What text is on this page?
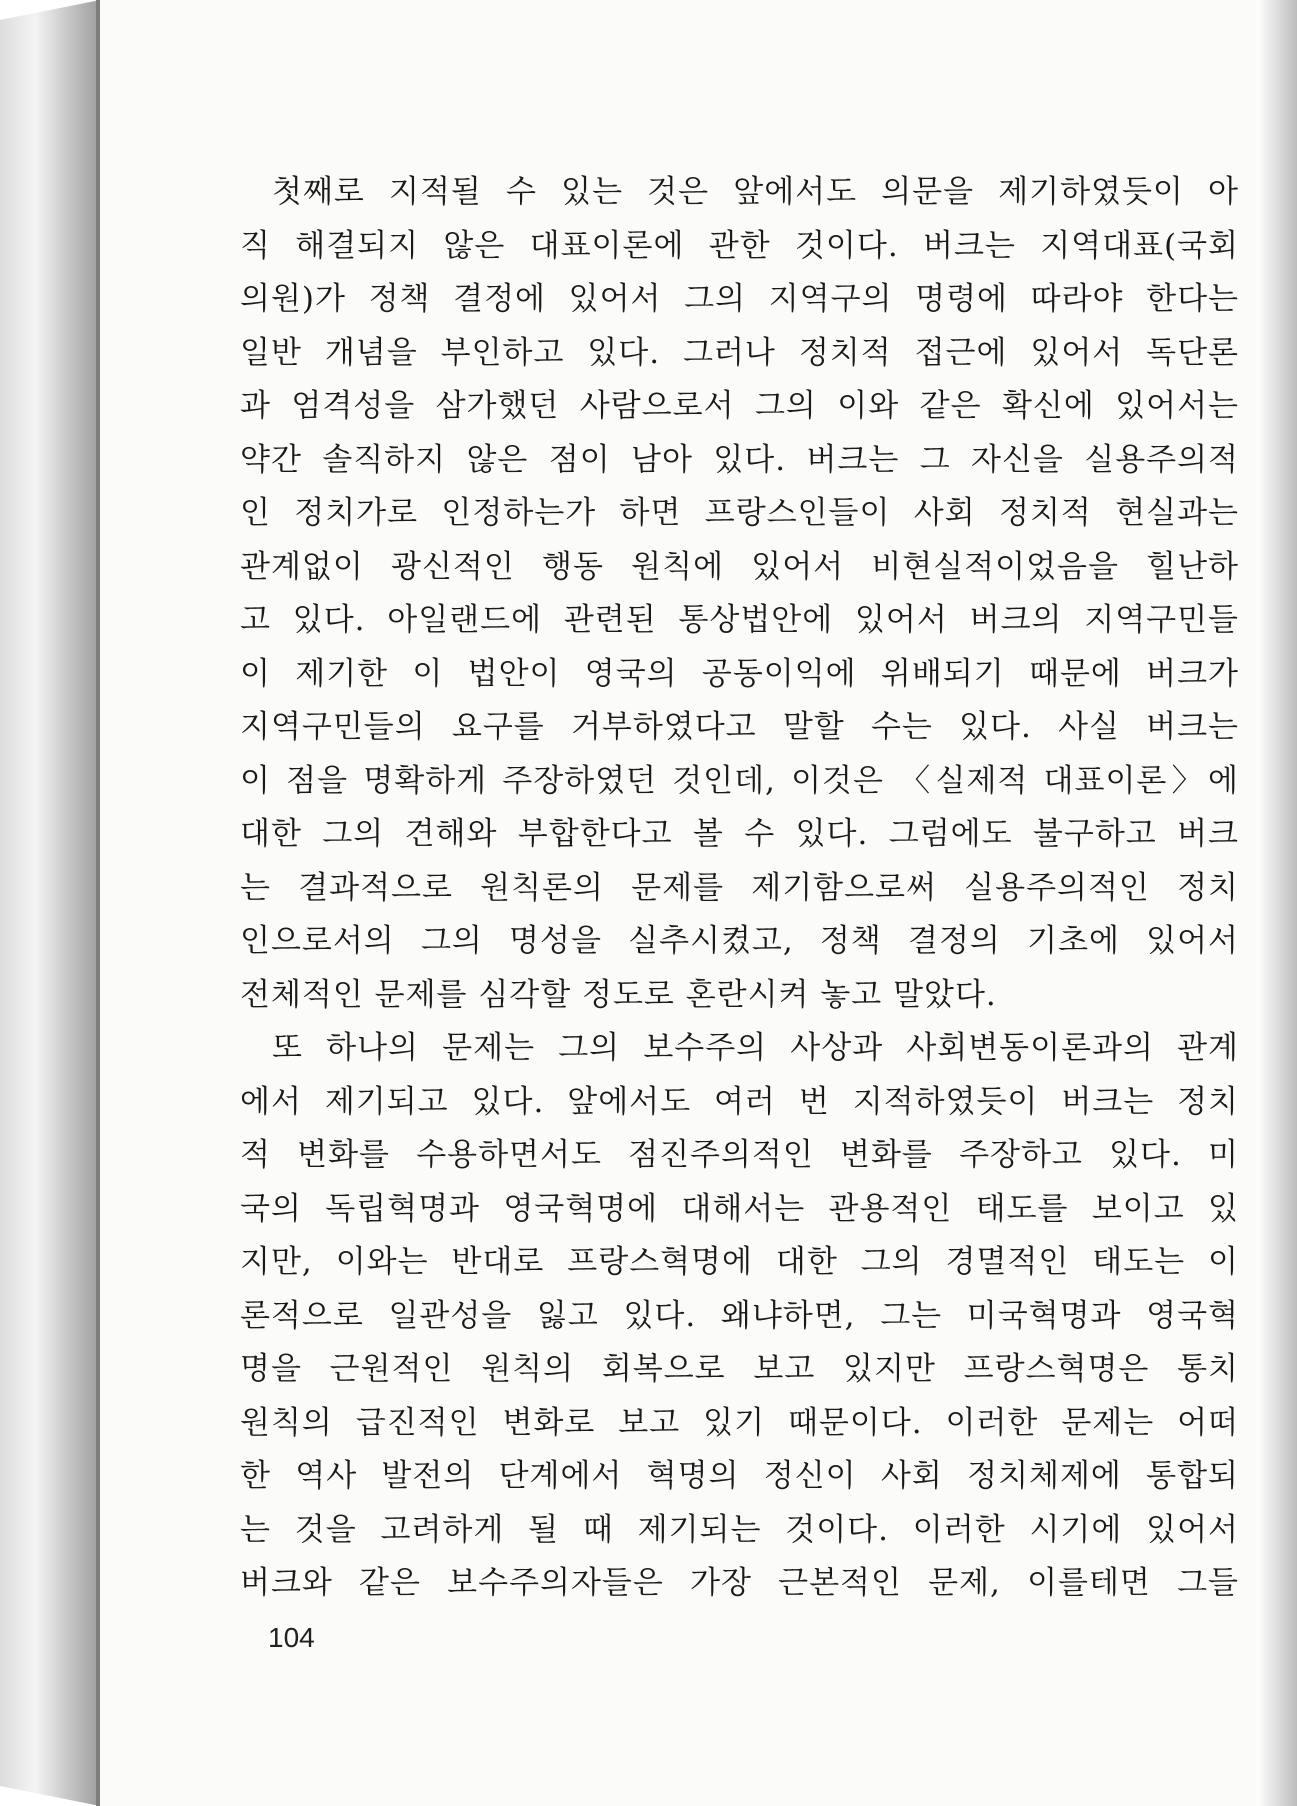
첫째로 지적될 수 있는 것은 앞에서도 의문을 제기하였듯이 아
직 해결되지 않은 대표이론에 관한 것이다. 버크는 지역대표(국회
의원)가 정책 결정에 있어서 그의 지역구의 명령에 따라야 한다는
일반 개념을 부인하고 있다. 그러나 정치적 접근에 있어서 독단론
과 엄격성을 삼가했던 사람으로서 그의 이와 같은 확신에 있어서는
약간 솔직하지 않은 점이 남아 있다. 버크는 그 자신을 실용주의적
인 정치가로 인정하는가 하면 프랑스인들이 사회 정치적 현실과는
관계없이 광신적인 행동 원칙에 있어서 비현실적이었음을 힐난하
고 있다. 아일랜드에 관련된 통상법안에 있어서 버크의 지역구민들
이 제기한 이 법안이 영국의 공동이익에 위배되기 때문에 버크가
지역구민들의 요구를 거부하였다고 말할 수는 있다. 사실 버크는
이 점을 명확하게 주장하였던 것인데, 이것은 〈실제적 대표이론〉에
대한 그의 견해와 부합한다고 볼 수 있다. 그럼에도 불구하고 버크
는 결과적으로 원칙론의 문제를 제기함으로써 실용주의적인 정치
인으로서의 그의 명성을 실추시켰고, 정책 결정의 기초에 있어서
전체적인 문제를 심각할 정도로 혼란시켜 놓고 말았다.
또 하나의 문제는 그의 보수주의 사상과 사회변동이론과의 관계
에서 제기되고 있다. 앞에서도 여러 번 지적하였듯이 버크는 정치
적 변화를 수용하면서도 점진주의적인 변화를 주장하고 있다. 미
국의 독립혁명과 영국혁명에 대해서는 관용적인 태도를 보이고 있
지만, 이와는 반대로 프랑스혁명에 대한 그의 경멸적인 태도는 이
론적으로 일관성을 잃고 있다. 왜냐하면, 그는 미국혁명과 영국혁
명을 근원적인 원칙의 회복으로 보고 있지만 프랑스혁명은 통치
원칙의 급진적인 변화로 보고 있기 때문이다. 이러한 문제는 어떠
한 역사 발전의 단계에서 혁명의 정신이 사회 정치체제에 통합되
는 것을 고려하게 될 때 제기되는 것이다. 이러한 시기에 있어서
버크와 같은 보수주의자들은 가장 근본적인 문제, 이를테면 그들
104
